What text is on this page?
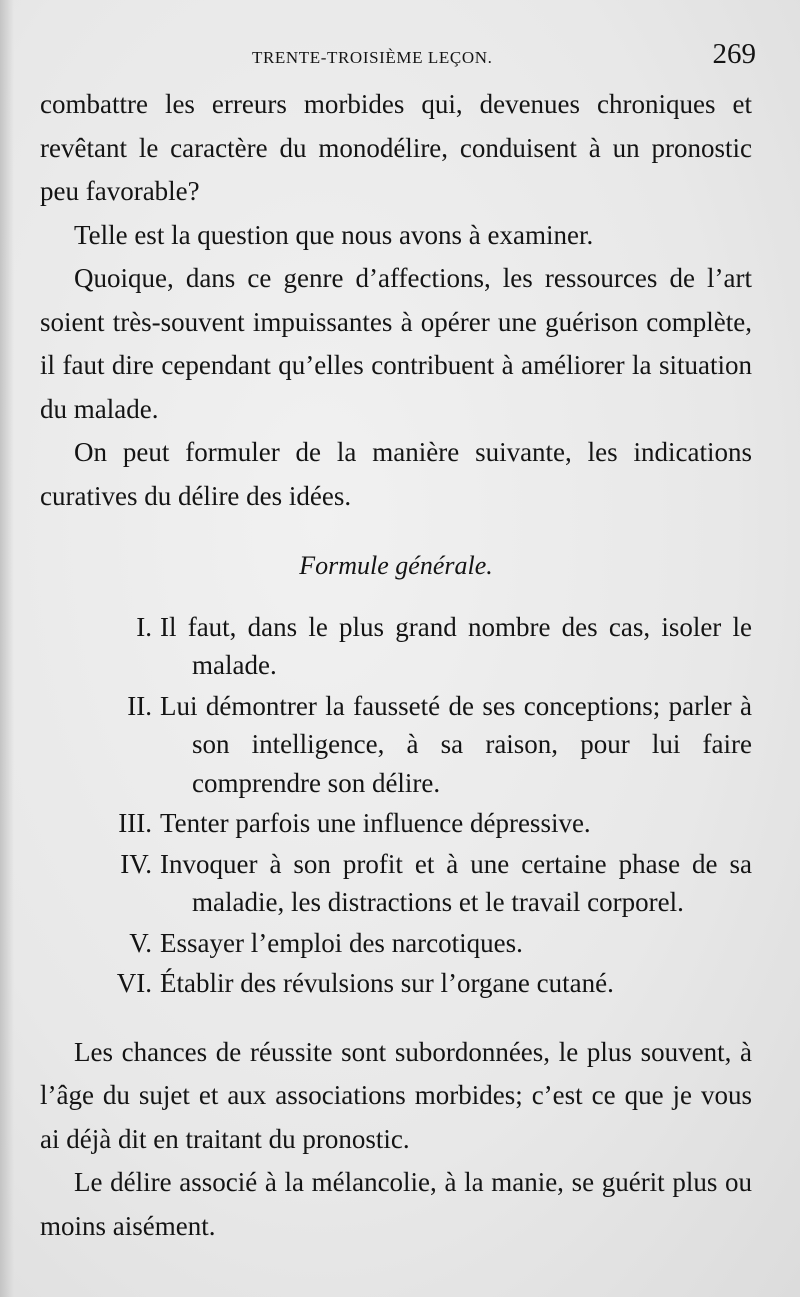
TRENTE-TROISIÈME LEÇON.	269

combattre les erreurs morbides qui, devenues chroniques et revêtant le caractère du monodélire, conduisent à un pronostic peu favorable?

Telle est la question que nous avons à examiner.

Quoique, dans ce genre d’affections, les ressources de l’art soient très-souvent impuissantes à opérer une guérison complète, il faut dire cependant qu’elles contribuent à améliorer la situation du malade.

On peut formuler de la manière suivante, les indications curatives du délire des idées.

Formule générale.

I. Il faut, dans le plus grand nombre des cas, isoler le malade.
II. Lui démontrer la fausseté de ses conceptions; parler à son intelligence, à sa raison, pour lui faire comprendre son délire.
III. Tenter parfois une influence dépressive.
IV. Invoquer à son profit et à une certaine phase de sa maladie, les distractions et le travail corporel.
V. Essayer l’emploi des narcotiques.
VI. Établir des révulsions sur l’organe cutané.

Les chances de réussite sont subordonnées, le plus souvent, à l’âge du sujet et aux associations morbides; c’est ce que je vous ai déjà dit en traitant du pronostic.

Le délire associé à la mélancolie, à la manie, se guérit plus ou moins aisément.
